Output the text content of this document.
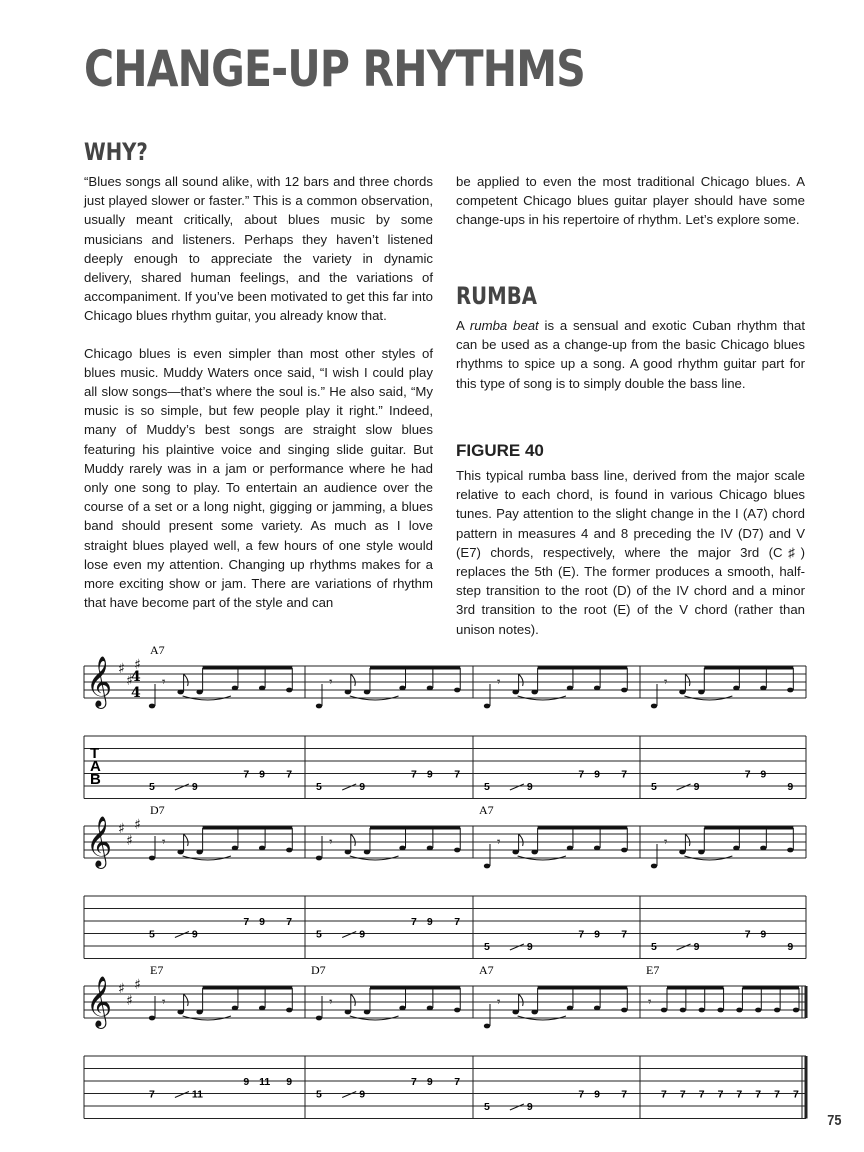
CHANGE-UP RHYTHMS
WHY?

“Blues songs all sound alike, with 12 bars and three chords just played slower or faster.” This is a common observation, usually meant critically, about blues music by some musicians and listeners. Perhaps they haven’t listened deeply enough to appreciate the variety in dynamic delivery, shared human feelings, and the variations of accompaniment. If you’ve been motivated to get this far into Chicago blues rhythm guitar, you already know that.

Chicago blues is even simpler than most other styles of blues music. Muddy Waters once said, “I wish I could play all slow songs—that’s where the soul is.” He also said, “My music is so simple, but few people play it right.” Indeed, many of Muddy’s best songs are straight slow blues featuring his plaintive voice and singing slide guitar. But Muddy rarely was in a jam or performance where he had only one song to play. To entertain an audience over the course of a set or a long night, gigging or jamming, a blues band should present some variety. As much as I love straight blues played well, a few hours of one style would lose even my attention. Changing up rhythms makes for a more exciting show or jam. There are variations of rhythm that have become part of the style and can

be applied to even the most traditional Chicago blues. A competent Chicago blues guitar player should have some change-ups in his repertoire of rhythm. Let’s explore some.

RUMBA
A rumba beat is a sensual and exotic Cuban rhythm that can be used as a change-up from the basic Chicago blues rhythms to spice up a song. A good rhythm guitar part for this type of song is to simply double the bass line.
FIGURE 40
This typical rumba bass line, derived from the major scale relative to each chord, is found in various Chicago blues tunes. Pay attention to the slight change in the I (A7) chord pattern in measures 4 and 8 preceding the IV (D7) and V (E7) chords, respectively, where the major 3rd (C♯) replaces the 5th (E). The former produces a smooth, half-step transition to the root (D) of the IV chord and a minor 3rd transition to the root (E) of the V chord (rather than unison notes).
𝄞 ♯
♯
♯
4
4
T
A
B
A7
𝄾
5	9
7 9 7
𝄾
5	9
7 9 7
𝄾
5	9
7 9 7
𝄾
5	9
7 9
9
𝄞 ♯
♯
♯
D7	A7
𝄾
5	9
7 9 7
𝄾
5	9
7 9 7
𝄾
5	9
7 9 7
𝄾
5	9
7 9
9
𝄞 ♯
♯
♯
E7	D7	A7	E7
𝄾
7	11
9 11 9
𝄾
5	9
7 9 7
𝄾
5	9
7 9 7
𝄾
7 7 7 7 7 7 7 7
75
